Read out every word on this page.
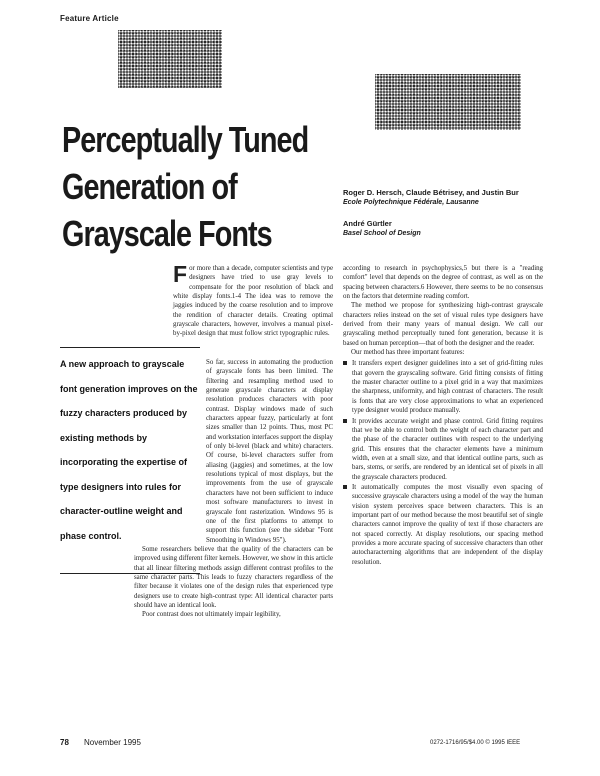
Feature Article
Perceptually Tuned
Generation of
Grayscale Fonts
Roger D. Hersch, Claude Bétrisey, and Justin Bur
Ecole Polytechnique Fédérale, Lausanne
André Gürtler
Basel School of Design
A new approach to grayscale font generation improves on the fuzzy characters produced by existing methods by incorporating the expertise of type designers into rules for character-outline weight and phase control.

For more than a decade, computer scientists and type designers have tried to use gray levels to compensate for the poor resolution of black and white display fonts.1-4 The idea was to remove the jaggies induced by the coarse resolution and to improve the rendition of character details. Creating optimal grayscale characters, however, involves a manual pixel-by-pixel design that must follow strict typographic rules.

So far, success in automating the production of grayscale fonts has been limited. The filtering and resampling method used to generate grayscale characters at display resolution produces characters with poor contrast. Display windows made of such characters appear fuzzy, particularly at font sizes smaller than 12 points. Thus, most PC and workstation interfaces support the display of only bi-level (black and white) characters. Of course, bi-level characters suffer from aliasing (jaggies) and sometimes, at the low resolutions typical of most displays, but the improvements from the use of grayscale characters have not been sufficient to induce most software manufacturers to invest in grayscale font rasterization. Windows 95 is one of the first platforms to attempt to support this function (see the sidebar "Font Smoothing in Windows 95").

Some researchers believe that the quality of the characters can be improved using different filter kernels. However, we show in this article that all linear filtering methods assign different contrast profiles to the same character parts. This leads to fuzzy characters regardless of the filter because it violates one of the design rules that experienced type designers use to create high-contrast type: All identical character parts should have an identical look.

Poor contrast does not ultimately impair legibility,

according to research in psychophysics,5 but there is a "reading comfort" level that depends on the degree of contrast, as well as on the spacing between characters.6 However, there seems to be no consensus on the factors that determine reading comfort.

The method we propose for synthesizing high-contrast grayscale characters relies instead on the set of visual rules type designers have derived from their many years of manual design. We call our grayscaling method perceptually tuned font generation, because it is based on human perception—that of both the designer and the reader.

Our method has three important features:

It transfers expert designer guidelines into a set of grid-fitting rules that govern the grayscaling software. Grid fitting consists of fitting the master character outline to a pixel grid in a way that maximizes the sharpness, uniformity, and high contrast of characters. The result is fonts that are very close approximations to what an experienced type designer would produce manually.
It provides accurate weight and phase control. Grid fitting requires that we be able to control both the weight of each character part and the phase of the character outlines with respect to the underlying grid. This ensures that the character elements have a minimum width, even at a small size, and that identical outline parts, such as bars, stems, or serifs, are rendered by an identical set of pixels in all the grayscale characters produced.
It automatically computes the most visually even spacing of successive grayscale characters using a model of the way the human vision system perceives space between characters. This is an important part of our method because the most beautiful set of single characters cannot improve the quality of text if those characters are not spaced correctly. At display resolutions, our spacing method provides a more accurate spacing of successive characters than other autocharacterning algorithms that are independent of the display resolution.
78 November 1995	0272-1716/95/$4.00 © 1995 IEEE
